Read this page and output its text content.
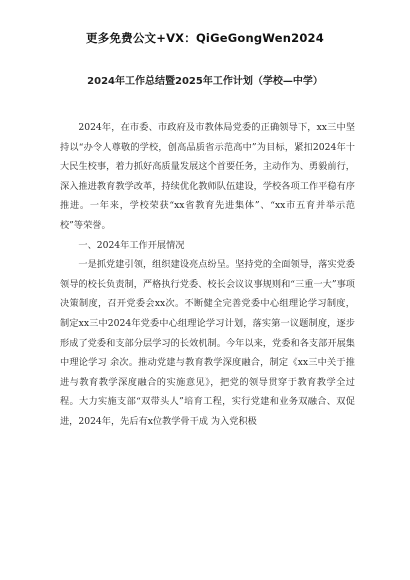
更多免费公文+VX：QiGeGongWen2024
2024年工作总结暨2025年工作计划（学校—中学）

2024年，在市委、市政府及市教体局党委的正确领导下，xx三中坚持以“办令人尊敬的学校，创高品质省示范高中”为目标，紧扣2024年十大民生校事，着力抓好高质量发展这个首要任务，主动作为、勇毅前行，深入推进教育教学改革，持续优化教师队伍建设，学校各项工作平稳有序推进。一年来，学校荣获“xx省教育先进集体”、“xx市五育并举示范校”等荣誉。

一、2024年工作开展情况

一是抓党建引领，组织建设亮点纷呈。坚持党的全面领导，落实党委领导的校长负责制，严格执行党委、校长会议议事规则和“三重一大”事项决策制度，召开党委会xx次。不断健全完善党委中心组理论学习制度，制定xx三中2024年党委中心组理论学习计划，落实第一议题制度，逐步形成了党委和支部分层学习的长效机制。今年以来，党委和各支部开展集中理论学习 余次。推动党建与教育教学深度融合，制定《xx三中关于推进与教育教学深度融合的实施意见》，把党的领导贯穿于教育教学全过程。大力实施支部“双带头人”培育工程，实行党建和业务双融合、双促进，2024年，先后有x位教学骨干成 为入党积极
